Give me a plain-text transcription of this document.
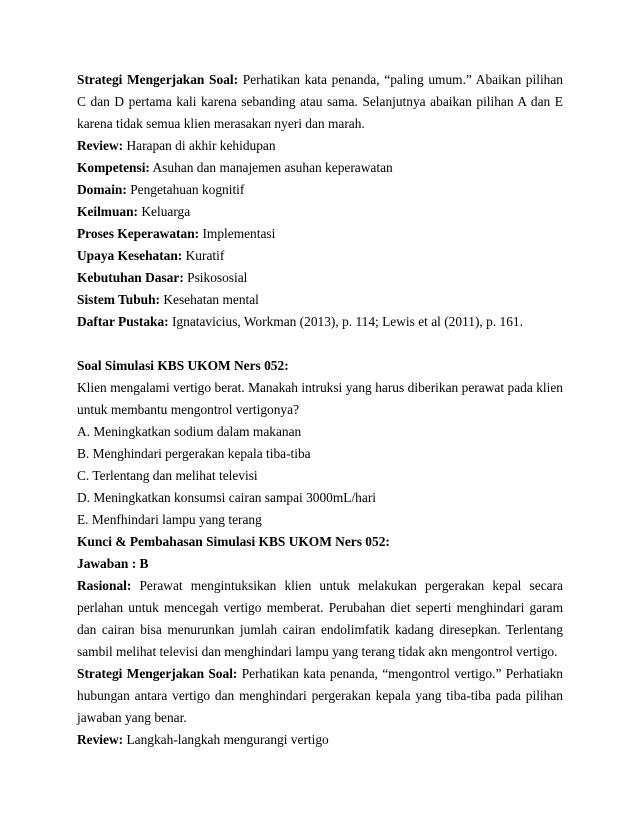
Strategi Mengerjakan Soal: Perhatikan kata penanda, “paling umum.” Abaikan pilihan C dan D pertama kali karena sebanding atau sama. Selanjutnya abaikan pilihan A dan E karena tidak semua klien merasakan nyeri dan marah.

Review: Harapan di akhir kehidupan

Kompetensi: Asuhan dan manajemen asuhan keperawatan

Domain: Pengetahuan kognitif

Keilmuan: Keluarga

Proses Keperawatan: Implementasi

Upaya Kesehatan: Kuratif

Kebutuhan Dasar: Psikososial

Sistem Tubuh: Kesehatan mental

Daftar Pustaka: Ignatavicius, Workman (2013), p. 114; Lewis et al (2011), p. 161.

Soal Simulasi KBS UKOM Ners 052:

Klien mengalami vertigo berat. Manakah intruksi yang harus diberikan perawat pada klien untuk membantu mengontrol vertigonya?

A. Meningkatkan sodium dalam makanan

B. Menghindari pergerakan kepala tiba-tiba

C. Terlentang dan melihat televisi

D. Meningkatkan konsumsi cairan sampai 3000mL/hari

E. Menfhindari lampu yang terang

Kunci & Pembahasan Simulasi KBS UKOM Ners 052:

Jawaban : B

Rasional: Perawat mengintuksikan klien untuk melakukan pergerakan kepal secara perlahan untuk mencegah vertigo memberat. Perubahan diet seperti menghindari garam dan cairan bisa menurunkan jumlah cairan endolimfatik kadang diresepkan. Terlentang sambil melihat televisi dan menghindari lampu yang terang tidak akn mengontrol vertigo.

Strategi Mengerjakan Soal: Perhatikan kata penanda, “mengontrol vertigo.” Perhatiakn hubungan antara vertigo dan menghindari pergerakan kepala yang tiba-tiba pada pilihan jawaban yang benar.

Review: Langkah-langkah mengurangi vertigo
